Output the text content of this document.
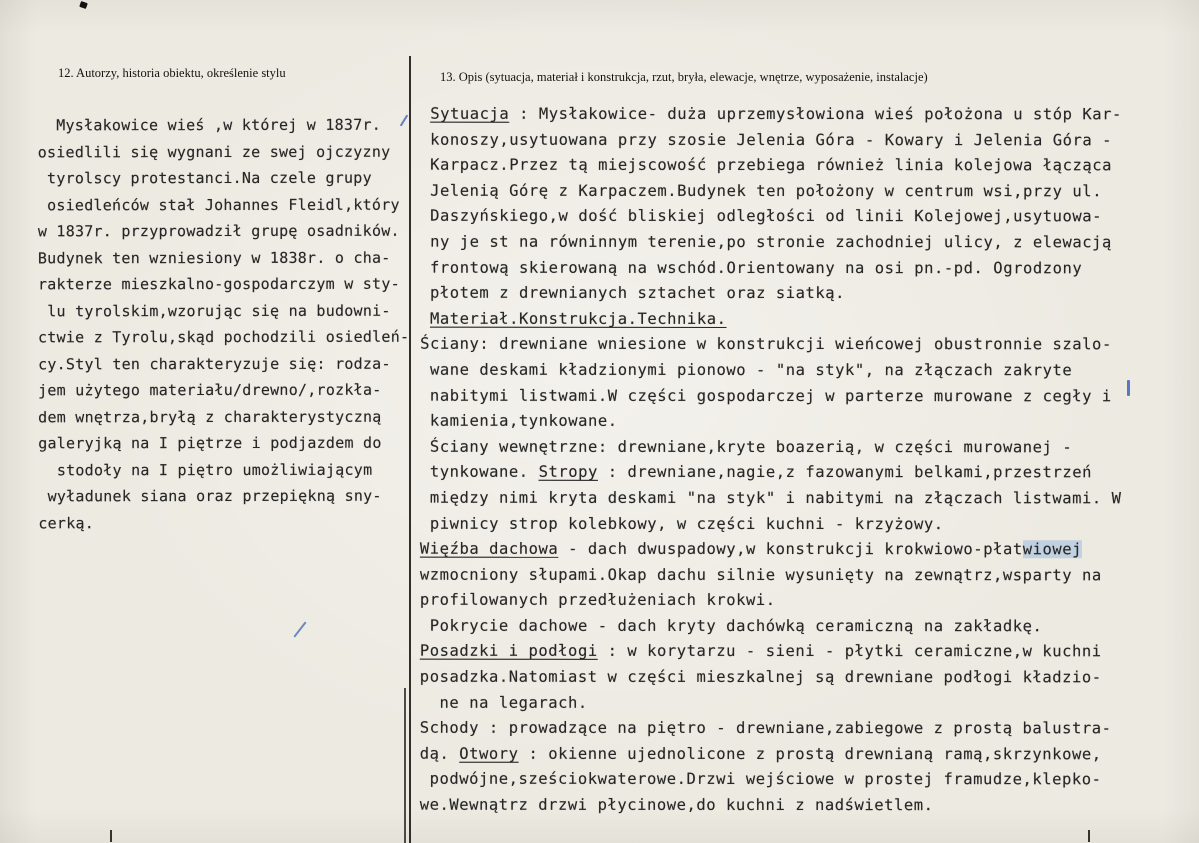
12. Autorzy, historia obiektu, określenie stylu	13. Opis (sytuacja, materiał i konstrukcja, rzut, bryła, elewacje, wnętrze, wyposażenie, instalacje)
Mysłakowice wieś ,w której w 1837r.
osiedlili się wygnani ze swej ojczyzny
tyrolscy protestanci.Na czele grupy
osiedleńców stał Johannes Fleidl,który
w 1837r. przyprowadził grupę osadników.
Budynek ten wzniesiony w 1838r. o cha-
rakterze mieszkalno-gospodarczym w sty-
lu tyrolskim,wzorując się na budowni-
ctwie z Tyrolu,skąd pochodzili osiedleń-
cy.Styl ten charakteryzuje się: rodza-
jem użytego materiału/drewno/,rozkła-
dem wnętrza,bryłą z charakterystyczną
galeryjką na I piętrze i podjazdem do
stodoły na I piętro umożliwiającym
wyładunek siana oraz przepiękną sny-
cerką.
Sytuacja : Mysłakowice- duża uprzemysłowiona wieś położona u stóp Kar-
konoszy,usytuowana przy szosie Jelenia Góra - Kowary i Jelenia Góra -
Karpacz.Przez tą miejscowość przebiega również linia kolejowa łącząca
Jelenią Górę z Karpaczem.Budynek ten położony w centrum wsi,przy ul.
Daszyńskiego,w dość bliskiej odległości od linii Kolejowej,usytuowa-
ny je st na równinnym terenie,po stronie zachodniej ulicy, z elewacją
frontową skierowaną na wschód.Orientowany na osi pn.-pd. Ogrodzony
płotem z drewnianych sztachet oraz siatką.
Materiał.Konstrukcja.Technika.
Ściany: drewniane wniesione w konstrukcji wieńcowej obustronnie szalo-
wane deskami kładzionymi pionowo - "na styk", na złączach zakryte
nabitymi listwami.W części gospodarczej w parterze murowane z cegły i
kamienia,tynkowane.
Ściany wewnętrzne: drewniane,kryte boazerią, w części murowanej -
tynkowane. Stropy : drewniane,nagie,z fazowanymi belkami,przestrzeń
między nimi kryta deskami "na styk" i nabitymi na złączach listwami. W
piwnicy strop kolebkowy, w części kuchni - krzyżowy.
Więźba dachowa - dach dwuspadowy,w konstrukcji krokwiowo-płatwiowej
wzmocniony słupami.Okap dachu silnie wysunięty na zewnątrz,wsparty na
profilowanych przedłużeniach krokwi.
Pokrycie dachowe - dach kryty dachówką ceramiczną na zakładkę.
Posadzki i podłogi : w korytarzu - sieni - płytki ceramiczne,w kuchni
posadzka.Natomiast w części mieszkalnej są drewniane podłogi kładzio-
ne na legarach.
Schody : prowadzące na piętro - drewniane,zabiegowe z prostą balustra-
dą. Otwory : okienne ujednolicone z prostą drewnianą ramą,skrzynkowe,
podwójne,sześciokwaterowe.Drzwi wejściowe w prostej framudze,klepko-
we.Wewnątrz drzwi płycinowe,do kuchni z nadświetlem.
